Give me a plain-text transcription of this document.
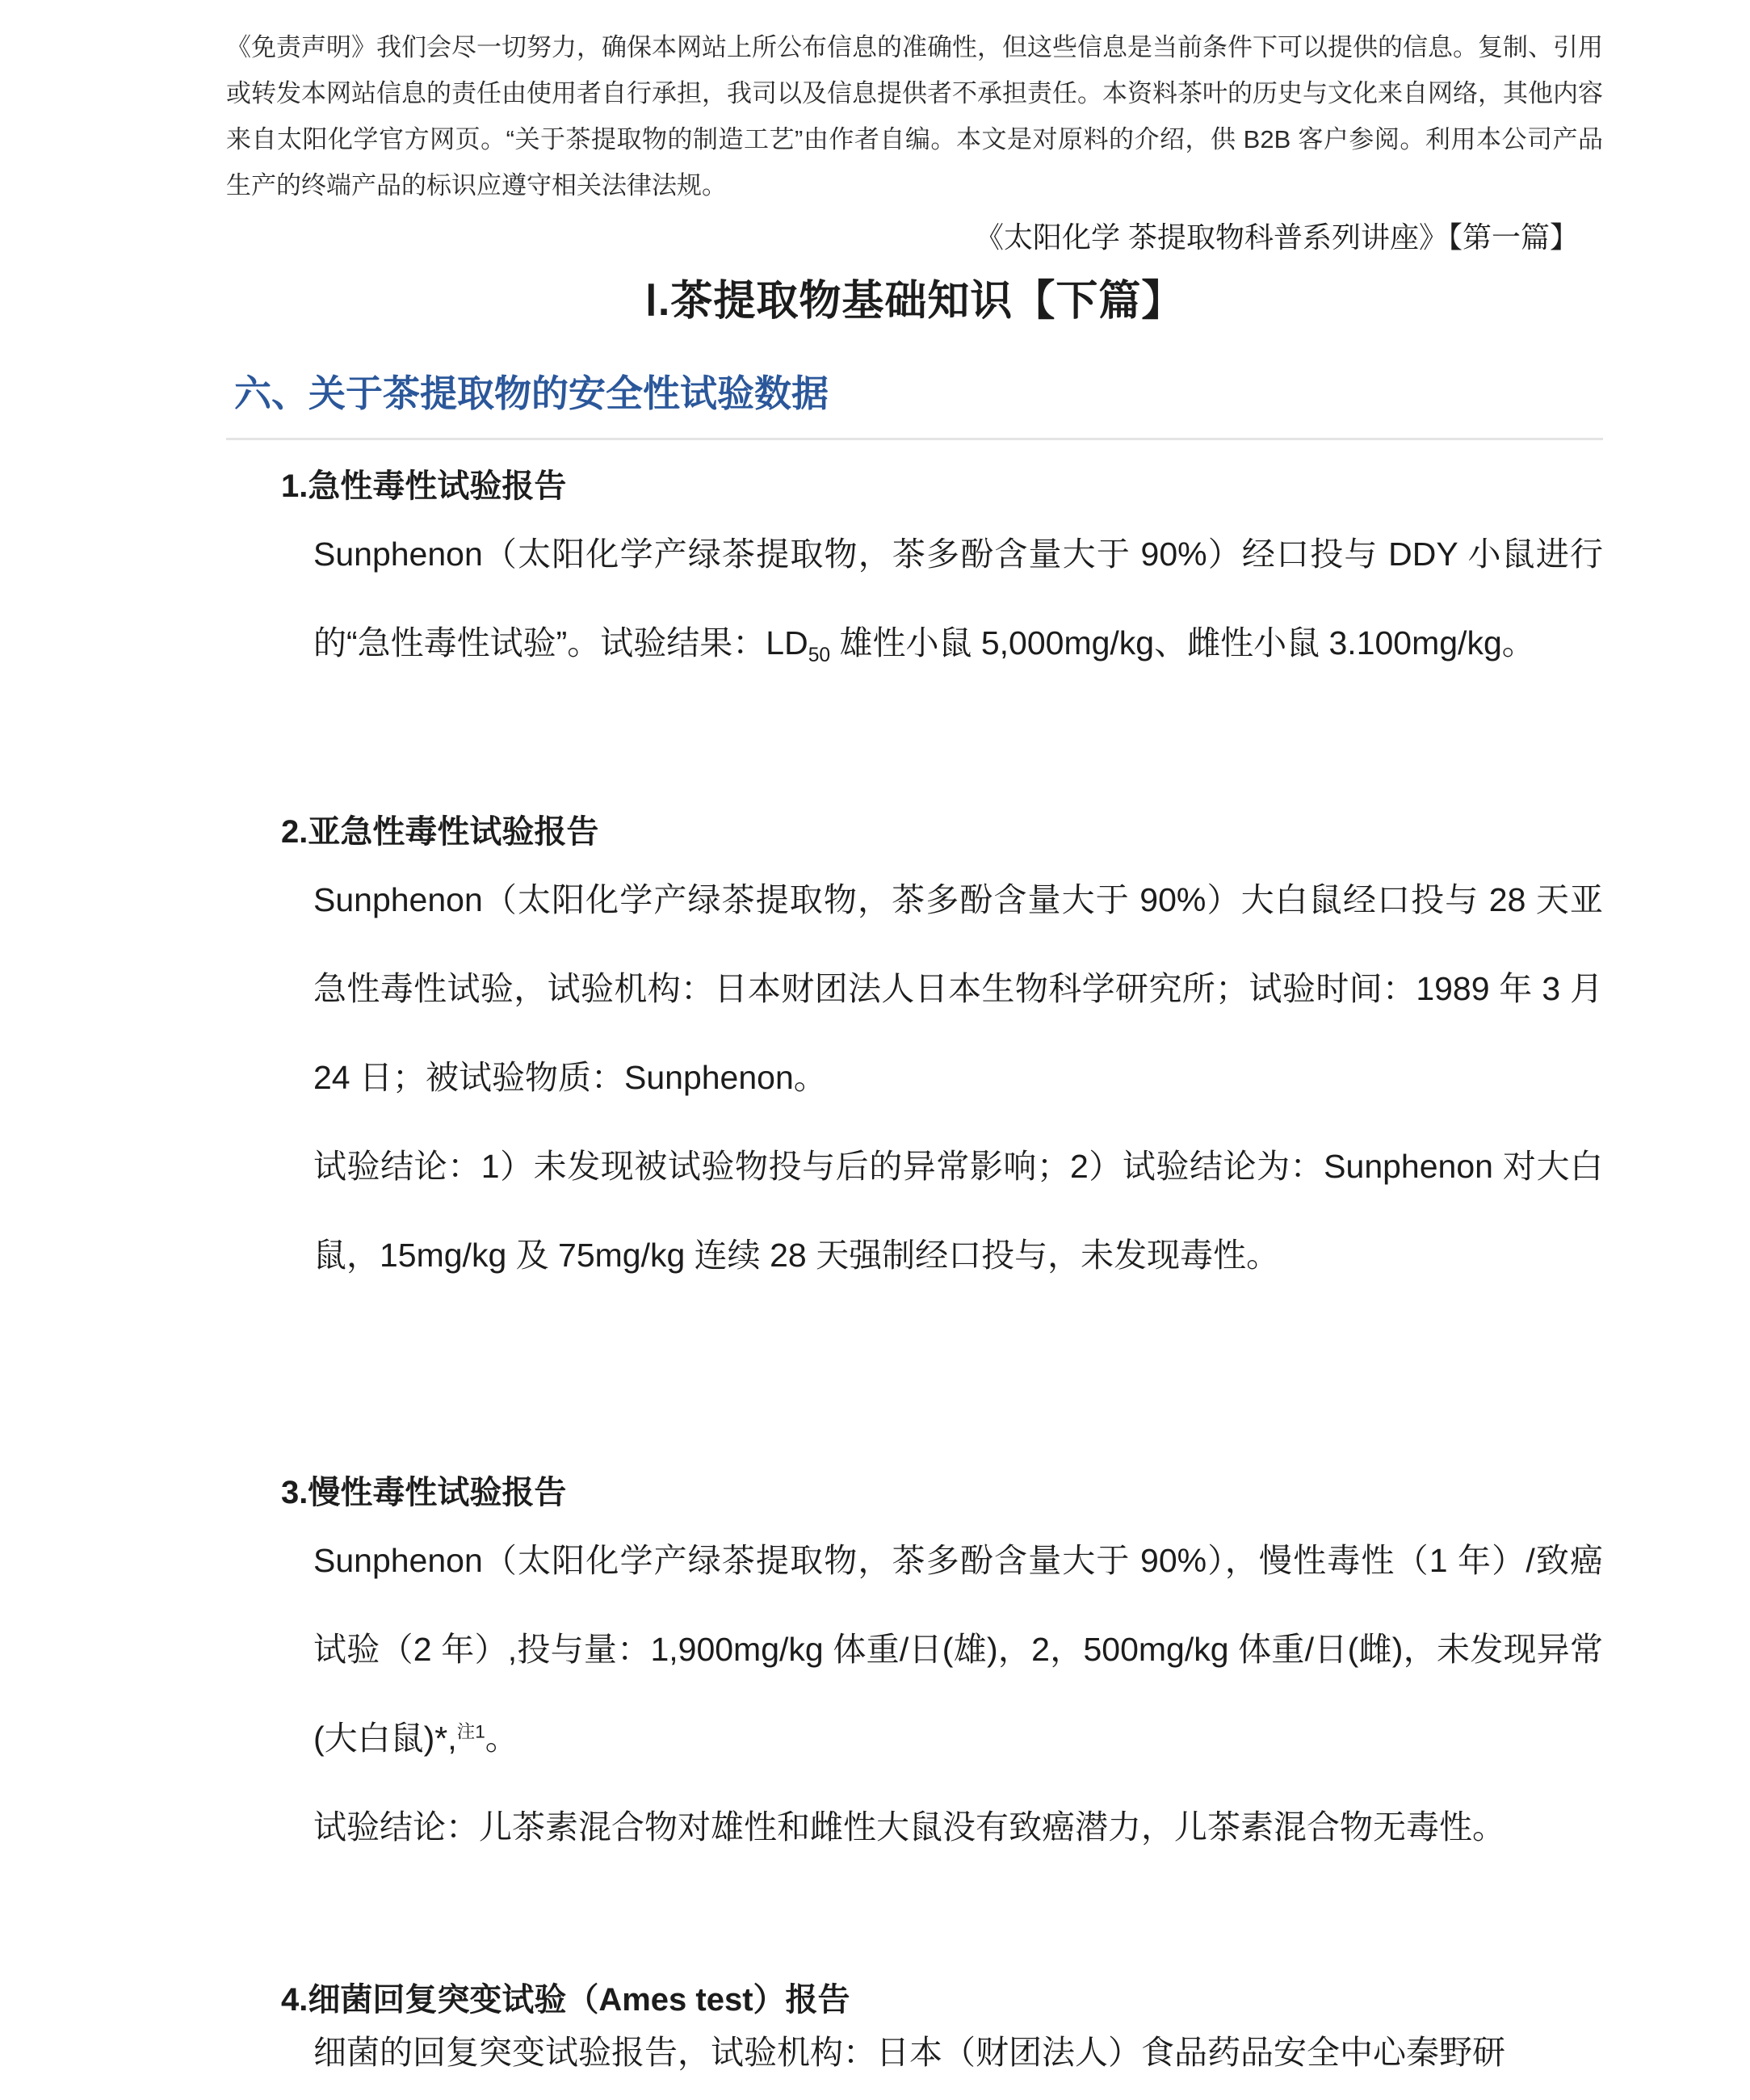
《免责声明》我们会尽一切努力，确保本网站上所公布信息的准确性，但这些信息是当前条件下可以提供的信息。复制、引用或转发本网站信息的责任由使用者自行承担，我司以及信息提供者不承担责任。本资料茶叶的历史与文化来自网络，其他内容来自太阳化学官方网页。“关于茶提取物的制造工艺”由作者自编。本文是对原料的介绍，供 B2B 客户参阅。利用本公司产品生产的终端产品的标识应遵守相关法律法规。

《太阳化学 茶提取物科普系列讲座》【第一篇】

Ⅰ.茶提取物基础知识【下篇】
六、关于茶提取物的安全性试验数据
1.急性毒性试验报告

Sunphenon（太阳化学产绿茶提取物，茶多酚含量大于 90%）经口投与 DDY 小鼠进行的“急性毒性试验”。试验结果：$LD_{50}$ 雄性小鼠 5,000mg/kg、雌性小鼠 3.100mg/kg。

2.亚急性毒性试验报告

Sunphenon（太阳化学产绿茶提取物，茶多酚含量大于 90%）大白鼠经口投与 28 天亚急性毒性试验，试验机构：日本财团法人日本生物科学研究所；试验时间：1989 年 3 月 24 日；被试验物质：Sunphenon。

试验结论：1）未发现被试验物投与后的异常影响；2）试验结论为：Sunphenon 对大白鼠，15mg/kg 及 75mg/kg 连续 28 天强制经口投与，未发现毒性。

3.慢性毒性试验报告

Sunphenon（太阳化学产绿茶提取物，茶多酚含量大于 90%），慢性毒性（1 年）/致癌试验（2 年）,投与量：1,900mg/kg 体重/日(雄)，2，500mg/kg 体重/日(雌)，未发现异常(大白鼠)*,$^{注1}$。

试验结论：儿茶素混合物对雄性和雌性大鼠没有致癌潜力，儿茶素混合物无毒性。

4.细菌回复突变试验（Ames test）报告

细菌的回复突变试验报告，试验机构：日本（财团法人）食品药品安全中心秦野研
